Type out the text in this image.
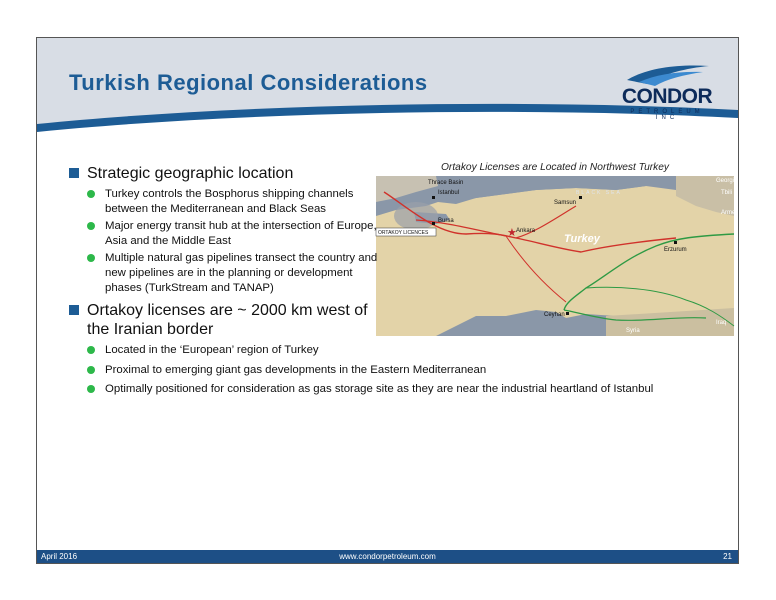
Turkish Regional Considerations
CONDOR
PETROLEUM INC
Ortakoy Licenses are Located in Northwest Turkey
★
Thrace Basin
Istanbul
Bursa
Samsun
Ankara
Turkey
Erzurum
Ceyhan
BLACK SEA
Georgia
Tbili
Arme
Syria
Iraq
ORTAKOY LICENCES
Strategic geographic location
Turkey controls the Bosphorus shipping channels between the Mediterranean and Black Seas
Major energy transit hub at the intersection of Europe, Asia and the Middle East
Multiple natural gas pipelines transect the country and new pipelines are in the planning or development phases (TurkStream and TANAP)
Ortakoy licenses are ~ 2000 km west of the Iranian border
Located in the ‘European’ region of Turkey
Proximal to emerging giant gas developments in the Eastern Mediterranean
Optimally positioned for consideration as gas storage site as they are near the industrial heartland of Istanbul
April 2016	www.condorpetroleum.com	21
